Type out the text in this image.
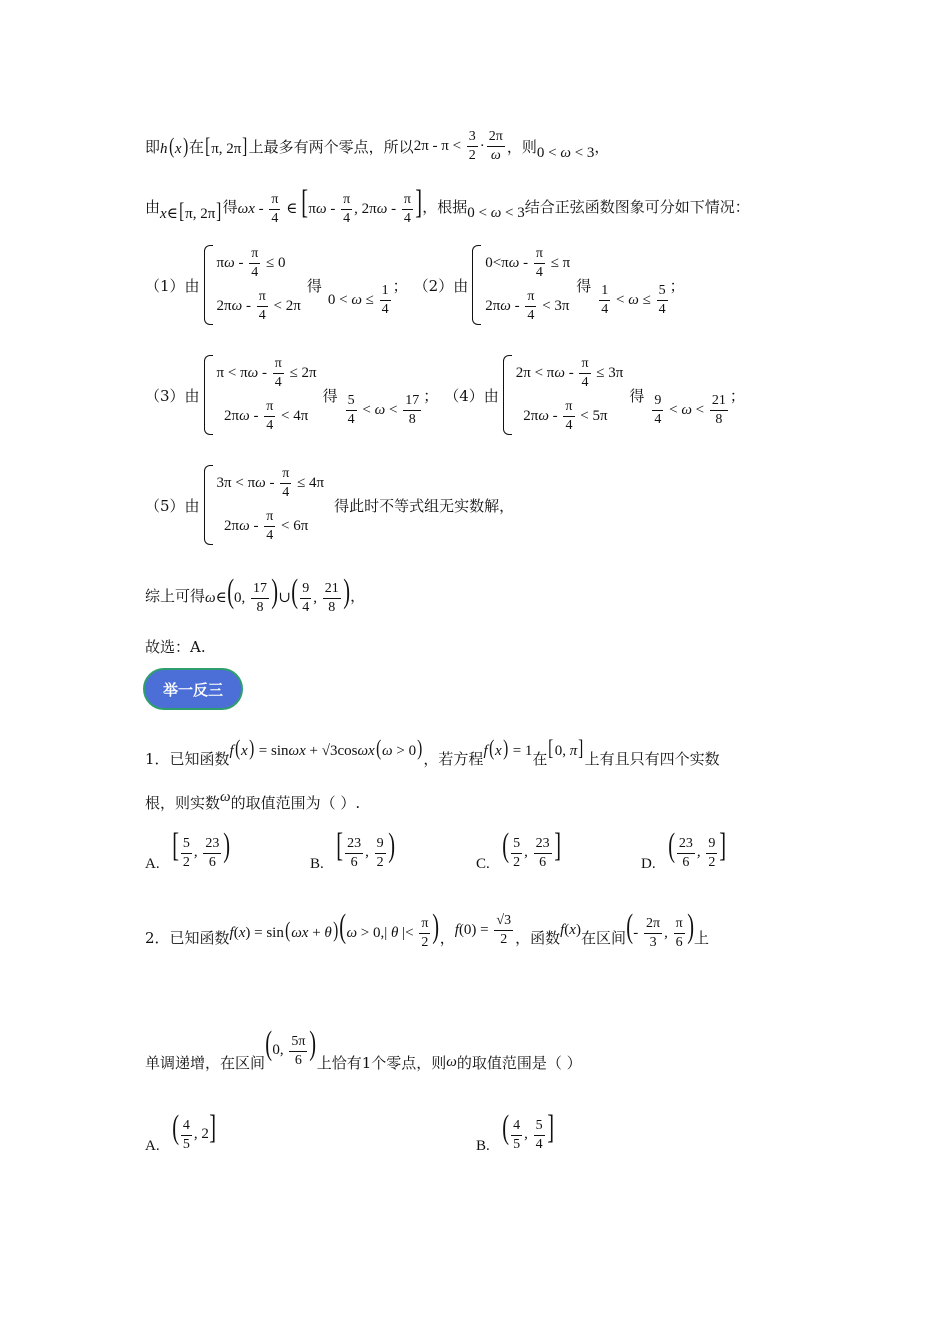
即 h(x) 在 [π, 2π] 上最多有两个零点，所以 $2\pi - \pi < \frac{3}{2} \cdot \frac{2\pi}{\omega}$ ，则 0 < ω < 3 ，
由 x∈[π, 2π] 得 ωx - $\frac{\pi}{4}$ ∈ [$\pi\omega - \frac{\pi}{4}$ , $2\pi\omega - \frac{\pi}{4}$ ] ，根据 0 < ω < 3 结合正弦函数图象可分如下情况：
（1）由
$\pi\omega - \frac{\pi}{4} \le 0$
$2\pi\omega - \frac{\pi}{4} < 2\pi$
得
$0 < \omega \le \frac{1}{4}$ ； （2）由
$0<\pi\omega - \frac{\pi}{4} \le \pi$
$2\pi\omega - \frac{\pi}{4} < 3\pi$
得 $\frac{1}{4} < \omega \le \frac{5}{4}$ ；
（3）由
$\pi < \pi\omega - \frac{\pi}{4} \le 2\pi$
$2\pi\omega - \frac{\pi}{4} < 4\pi$
得 $\frac{5}{4} < \omega < \frac{17}{8}$ ； （4）由
$2\pi < \pi\omega - \frac{\pi}{4} \le 3\pi$
$2\pi\omega - \frac{\pi}{4} < 5\pi$
得 $\frac{9}{4} < \omega < \frac{21}{8}$ ；
（5）由
$3\pi < \pi\omega - \frac{\pi}{4} \le 4\pi$
$2\pi\omega - \frac{\pi}{4} < 6\pi$
得此时不等式组无实数解，
综上可得 ω∈(0, $\frac{17}{8}$ )∪( $\frac{9}{4}$ , $\frac{21}{8}$ ) ，
故选：A.
举一反三
1．已知函数 f(x) = sinωx + √3cosωx(ω > 0) ，若方程 f(x) = 1 在 [0, π] 上有且只有四个实数
根，则实数 ω 的取值范围为（ ）.
A. [ $\frac{5}{2}$ , $\frac{23}{6}$ )	B. [ $\frac{23}{6}$ , $\frac{9}{2}$ )	C. ( $\frac{5}{2}$ , $\frac{23}{6}$ ]	D. ( $\frac{23}{6}$ , $\frac{9}{2}$ ]
2．已知函数 f(x) = sin(ωx + θ)(ω > 0,| θ |< $\frac{\pi}{2}$ ) ， $f(0) = \frac{√3}{2}$ ，函数 f(x) 在区间 (- $\frac{2\pi}{3}$ , $\frac{\pi}{6}$ ) 上
单调递增，在区间
(0, $\frac{5\pi}{6}$ )
上恰有1个零点，则 ω 的取值范围是（ ）
A. ( $\frac{4}{5}$ , 2]	B. ( $\frac{4}{5}$ , $\frac{5}{4}$ ]
